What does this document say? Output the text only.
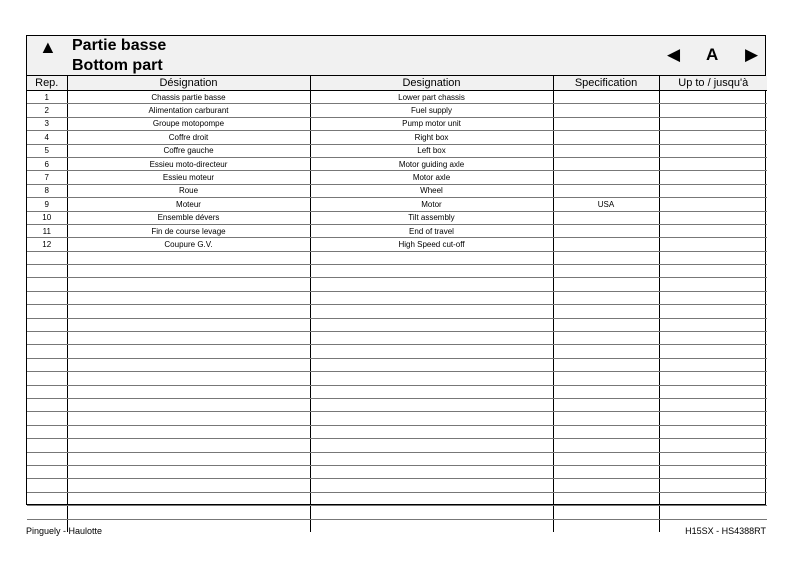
▲ Partie basse
Bottom part
◀ A ▶
Rep.	Désignation	Designation	Specification	Up to / jusqu'à
1	Chassis partie basse	Lower part chassis		
2	Alimentation carburant	Fuel supply		
3	Groupe motopompe	Pump motor unit		
4	Coffre droit	Right box		
5	Coffre gauche	Left box		
6	Essieu moto-directeur	Motor guiding axle		
7	Essieu moteur	Motor axle		
8	Roue	Wheel		
9	Moteur	Motor	USA	
10	Ensemble dévers	Tilt assembly		
11	Fin de course levage	End of travel		
12	Coupure G.V.	High Speed cut-off		

Pinguely - Haulotte	H15SX - HS4388RT
